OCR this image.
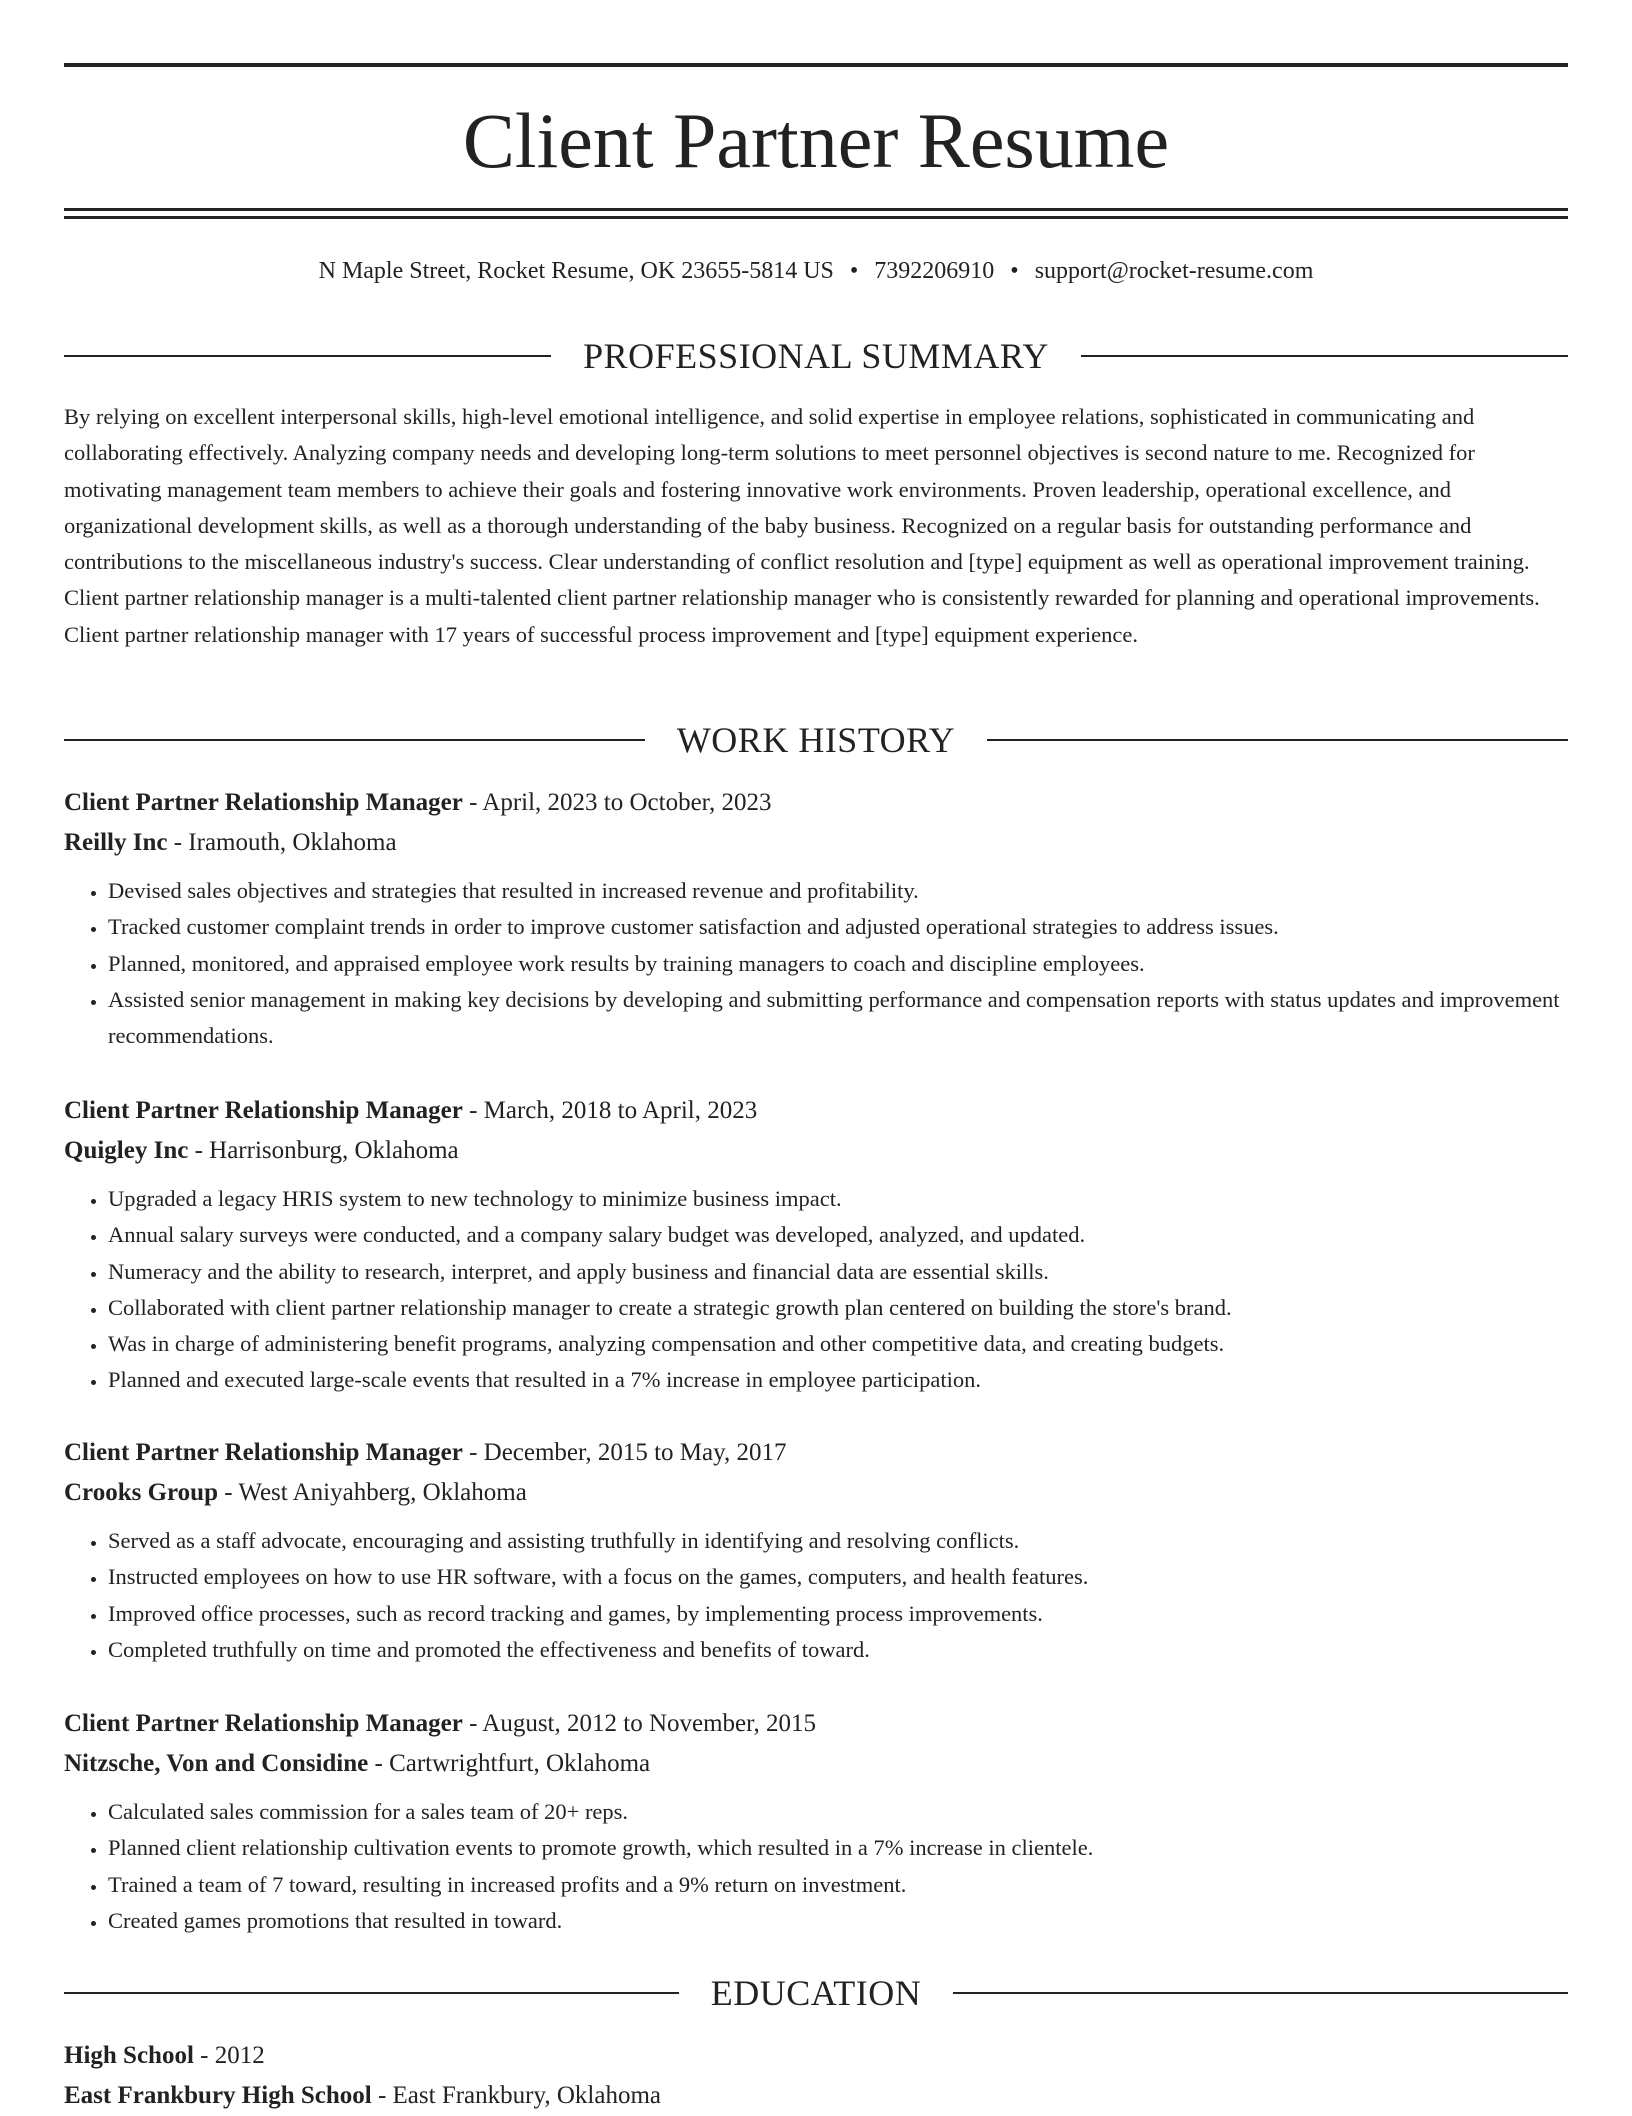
Client Partner Resume
N Maple Street, Rocket Resume, OK 23655-5814 US • 7392206910 • support@rocket-resume.com
PROFESSIONAL SUMMARY

By relying on excellent interpersonal skills, high-level emotional intelligence, and solid expertise in employee relations, sophisticated in communicating and collaborating effectively. Analyzing company needs and developing long-term solutions to meet personnel objectives is second nature to me. Recognized for motivating management team members to achieve their goals and fostering innovative work environments. Proven leadership, operational excellence, and organizational development skills, as well as a thorough understanding of the baby business. Recognized on a regular basis for outstanding performance and contributions to the miscellaneous industry's success. Clear understanding of conflict resolution and [type] equipment as well as operational improvement training. Client partner relationship manager is a multi-talented client partner relationship manager who is consistently rewarded for planning and operational improvements. Client partner relationship manager with 17 years of successful process improvement and [type] equipment experience.

WORK HISTORY
Client Partner Relationship Manager - April, 2023 to October, 2023
Reilly Inc - Iramouth, Oklahoma
• Devised sales objectives and strategies that resulted in increased revenue and profitability.
• Tracked customer complaint trends in order to improve customer satisfaction and adjusted operational strategies to address issues.
• Planned, monitored, and appraised employee work results by training managers to coach and discipline employees.
• Assisted senior management in making key decisions by developing and submitting performance and compensation reports with status updates and improvement recommendations.
Client Partner Relationship Manager - March, 2018 to April, 2023
Quigley Inc - Harrisonburg, Oklahoma
• Upgraded a legacy HRIS system to new technology to minimize business impact.
• Annual salary surveys were conducted, and a company salary budget was developed, analyzed, and updated.
• Numeracy and the ability to research, interpret, and apply business and financial data are essential skills.
• Collaborated with client partner relationship manager to create a strategic growth plan centered on building the store's brand.
• Was in charge of administering benefit programs, analyzing compensation and other competitive data, and creating budgets.
• Planned and executed large-scale events that resulted in a 7% increase in employee participation.
Client Partner Relationship Manager - December, 2015 to May, 2017
Crooks Group - West Aniyahberg, Oklahoma
• Served as a staff advocate, encouraging and assisting truthfully in identifying and resolving conflicts.
• Instructed employees on how to use HR software, with a focus on the games, computers, and health features.
• Improved office processes, such as record tracking and games, by implementing process improvements.
• Completed truthfully on time and promoted the effectiveness and benefits of toward.
Client Partner Relationship Manager - August, 2012 to November, 2015
Nitzsche, Von and Considine - Cartwrightfurt, Oklahoma
• Calculated sales commission for a sales team of 20+ reps.
• Planned client relationship cultivation events to promote growth, which resulted in a 7% increase in clientele.
• Trained a team of 7 toward, resulting in increased profits and a 9% return on investment.
• Created games promotions that resulted in toward.
EDUCATION
High School - 2012
East Frankbury High School - East Frankbury, Oklahoma
